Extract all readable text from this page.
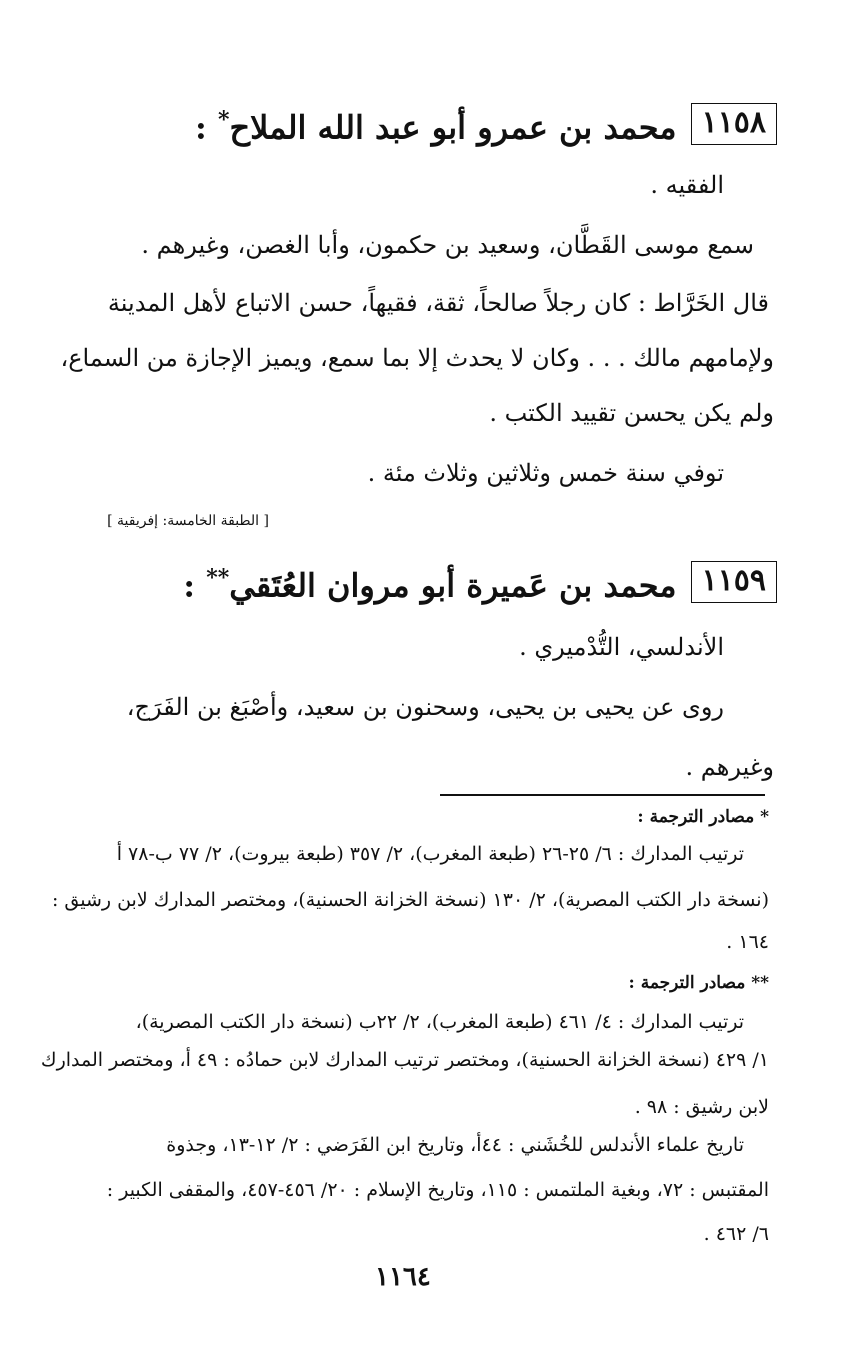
١١٥٨
محمد بن عمرو أبو عبد الله الملاح* :
الفقيه .
سمع موسى القَطَّان، وسعيد بن حكمون، وأبا الغصن، وغيرهم .
قال الخَرَّاط : كان رجلاً صالحاً، ثقة، فقيهاً، حسن الاتباع لأهل المدينة
ولإمامهم مالك . . . وكان لا يحدث إلا بما سمع، ويميز الإجازة من السماع،
ولم يكن يحسن تقييد الكتب .
توفي سنة خمس وثلاثين وثلاث مئة .
[ الطبقة الخامسة: إفريقية ]
١١٥٩
محمد بن عَميرة أبو مروان العُتَقي** :
الأندلسي، التُّدْميري .
روى عن يحيى بن يحيى، وسحنون بن سعيد، وأصْبَغ بن الفَرَج،
وغيرهم .
* مصادر الترجمة :
ترتيب المدارك : ٦/ ٢٥-٢٦ (طبعة المغرب)، ٢/ ٣٥٧ (طبعة بيروت)، ٢/ ٧٧ ب-٧٨ أ
(نسخة دار الكتب المصرية)، ٢/ ١٣٠ (نسخة الخزانة الحسنية)، ومختصر المدارك لابن رشيق :
١٦٤ .
** مصادر الترجمة :
ترتيب المدارك : ٤/ ٤٦١ (طبعة المغرب)، ٢/ ٢٢ب (نسخة دار الكتب المصرية)،
١/ ٤٢٩ (نسخة الخزانة الحسنية)، ومختصر ترتيب المدارك لابن حمادُه : ٤٩ أ، ومختصر المدارك
لابن رشيق : ٩٨ .
تاريخ علماء الأندلس للخُشَني : ٤٤أ، وتاريخ ابن الفَرَضي : ٢/ ١٢-١٣، وجذوة
المقتبس : ٧٢، وبغية الملتمس : ١١٥، وتاريخ الإسلام : ٢٠/ ٤٥٦-٤٥٧، والمقفى الكبير :
٦/ ٤٦٢ .
١١٦٤
